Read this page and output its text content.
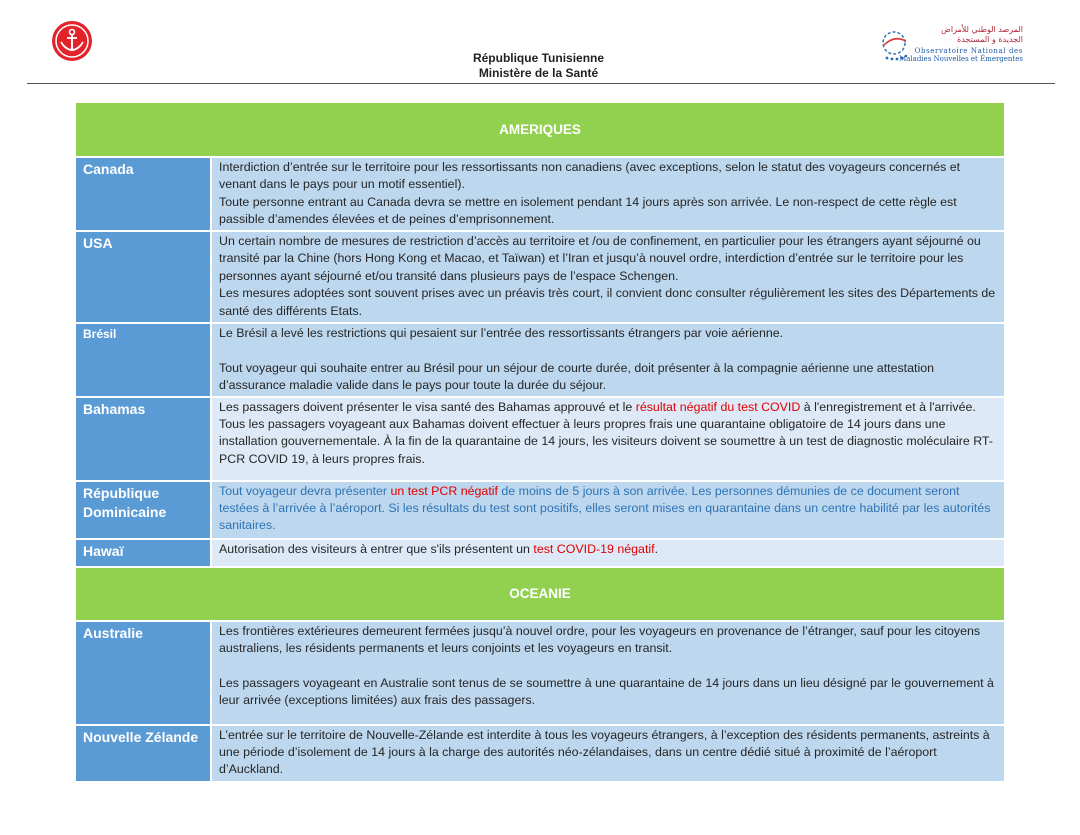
المرصد الوطني للأمراض
الجديدة و المستجدة
Observatoire National des
Maladies Nouvelles et Émergentes
République Tunisienne
Ministère de la Santé
AMERIQUES	
Canada	Interdiction d’entrée sur le territoire pour les ressortissants non canadiens (avec exceptions, selon le statut des voyageurs concernés et venant dans le pays pour un motif essentiel).

Toute personne entrant au Canada devra se mettre en isolement pendant 14 jours après son arrivée. Le non-respect de cette règle est passible d’amendes élevées et de peines d’emprisonnement.

USA	Un certain nombre de mesures de restriction d’accès au territoire et /ou de confinement, en particulier pour les étrangers ayant séjourné ou transité par la Chine (hors Hong Kong et Macao, et Taïwan) et l’Iran et jusqu’à nouvel ordre, interdiction d’entrée sur le territoire pour les personnes ayant séjourné et/ou transité dans plusieurs pays de l’espace Schengen.

Les mesures adoptées sont souvent prises avec un préavis très court, il convient donc consulter régulièrement les sites des Départements de santé des différents Etats.

Brésil	Le Brésil a levé les restrictions qui pesaient sur l’entrée des ressortissants étrangers par voie aérienne.

Tout voyageur qui souhaite entrer au Brésil pour un séjour de courte durée, doit présenter à la compagnie aérienne une attestation d’assurance maladie valide dans le pays pour toute la durée du séjour.

Bahamas	Les passagers doivent présenter le visa santé des Bahamas approuvé et le résultat négatif du test COVID à l'enregistrement et à l'arrivée. Tous les passagers voyageant aux Bahamas doivent effectuer à leurs propres frais une quarantaine obligatoire de 14 jours dans une installation gouvernementale. À la fin de la quarantaine de 14 jours, les visiteurs doivent se soumettre à un test de diagnostic moléculaire RT-PCR COVID 19, à leurs propres frais.

République Dominicaine	Tout voyageur devra présenter un test PCR négatif de moins de 5 jours à son arrivée. Les personnes démunies de ce document seront testées à l’arrivée à l’aéroport. Si les résultats du test sont positifs, elles seront mises en quarantaine dans un centre habilité par les autorités sanitaires.

Hawaï	Autorisation des visiteurs à entrer que s'ils présentent un test COVID-19 négatif.

OCEANIE	
Australie	Les frontières extérieures demeurent fermées jusqu’à nouvel ordre, pour les voyageurs en provenance de l’étranger, sauf pour les citoyens australiens, les résidents permanents et leurs conjoints et les voyageurs en transit.

Les passagers voyageant en Australie sont tenus de se soumettre à une quarantaine de 14 jours dans un lieu désigné par le gouvernement à leur arrivée (exceptions limitées) aux frais des passagers.

Nouvelle Zélande	L’entrée sur le territoire de Nouvelle-Zélande est interdite à tous les voyageurs étrangers, à l’exception des résidents permanents, astreints à une période d’isolement de 14 jours à la charge des autorités néo-zélandaises, dans un centre dédié situé à proximité de l’aéroport d’Auckland.
